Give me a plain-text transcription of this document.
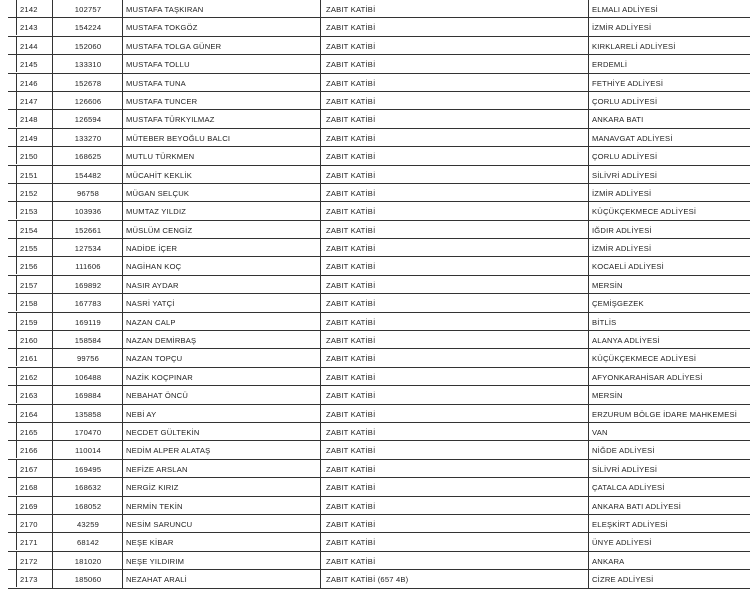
2142	102757	MUSTAFA TAŞKIRAN	ZABIT KATİBİ	ELMALI ADLİYESİ
2143	154224	MUSTAFA TOKGÖZ	ZABIT KATİBİ	İZMİR ADLİYESİ
2144	152060	MUSTAFA TOLGA GÜNER	ZABIT KATİBİ	KIRKLARELİ ADLİYESİ
2145	133310	MUSTAFA TOLLU	ZABIT KATİBİ	ERDEMLİ
2146	152678	MUSTAFA TUNA	ZABIT KATİBİ	FETHİYE ADLİYESİ
2147	126606	MUSTAFA TUNCER	ZABIT KATİBİ	ÇORLU ADLİYESİ
2148	126594	MUSTAFA TÜRKYILMAZ	ZABIT KATİBİ	ANKARA BATI
2149	133270	MÜTEBER BEYOĞLU BALCI	ZABIT KATİBİ	MANAVGAT ADLİYESİ
2150	168625	MUTLU TÜRKMEN	ZABIT KATİBİ	ÇORLU ADLİYESİ
2151	154482	MÜCAHİT KEKLİK	ZABIT KATİBİ	SİLİVRİ ADLİYESİ
2152	96758	MÜGAN SELÇUK	ZABIT KATİBİ	İZMİR ADLİYESİ
2153	103936	MUMTAZ YILDIZ	ZABIT KATİBİ	KÜÇÜKÇEKMECE ADLİYESİ
2154	152661	MÜSLÜM CENGİZ	ZABIT KATİBİ	IĞDIR ADLİYESİ
2155	127534	NADİDE İÇER	ZABIT KATİBİ	İZMİR ADLİYESİ
2156	111606	NAGİHAN KOÇ	ZABIT KATİBİ	KOCAELİ ADLİYESİ
2157	169892	NASIR AYDAR	ZABIT KATİBİ	MERSİN
2158	167783	NASRİ YATÇİ	ZABIT KATİBİ	ÇEMİŞGEZEK
2159	169119	NAZAN CALP	ZABIT KATİBİ	BİTLİS
2160	158584	NAZAN DEMİRBAŞ	ZABIT KATİBİ	ALANYA ADLİYESİ
2161	99756	NAZAN TOPÇU	ZABIT KATİBİ	KÜÇÜKÇEKMECE ADLİYESİ
2162	106488	NAZİK KOÇPINAR	ZABIT KATİBİ	AFYONKARAHİSAR ADLİYESİ
2163	169884	NEBAHAT ÖNCÜ	ZABIT KATİBİ	MERSİN
2164	135858	NEBİ AY	ZABIT KATİBİ	ERZURUM BÖLGE İDARE MAHKEMESİ
2165	170470	NECDET GÜLTEKİN	ZABIT KATİBİ	VAN
2166	110014	NEDİM ALPER ALATAŞ	ZABIT KATİBİ	NİĞDE ADLİYESİ
2167	169495	NEFİZE ARSLAN	ZABIT KATİBİ	SİLİVRİ ADLİYESİ
2168	168632	NERGİZ KIRIZ	ZABIT KATİBİ	ÇATALCA ADLİYESİ
2169	168052	NERMİN TEKİN	ZABIT KATİBİ	ANKARA BATI ADLİYESİ
2170	43259	NESİM SARUNCU	ZABIT KATİBİ	ELEŞKİRT ADLİYESİ
2171	68142	NEŞE KİBAR	ZABIT KATİBİ	ÜNYE ADLİYESİ
2172	181020	NEŞE YILDIRIM	ZABIT KATİBİ	ANKARA
2173	185060	NEZAHAT ARALİ	ZABIT KATİBİ (657 4B)	CİZRE ADLİYESİ
